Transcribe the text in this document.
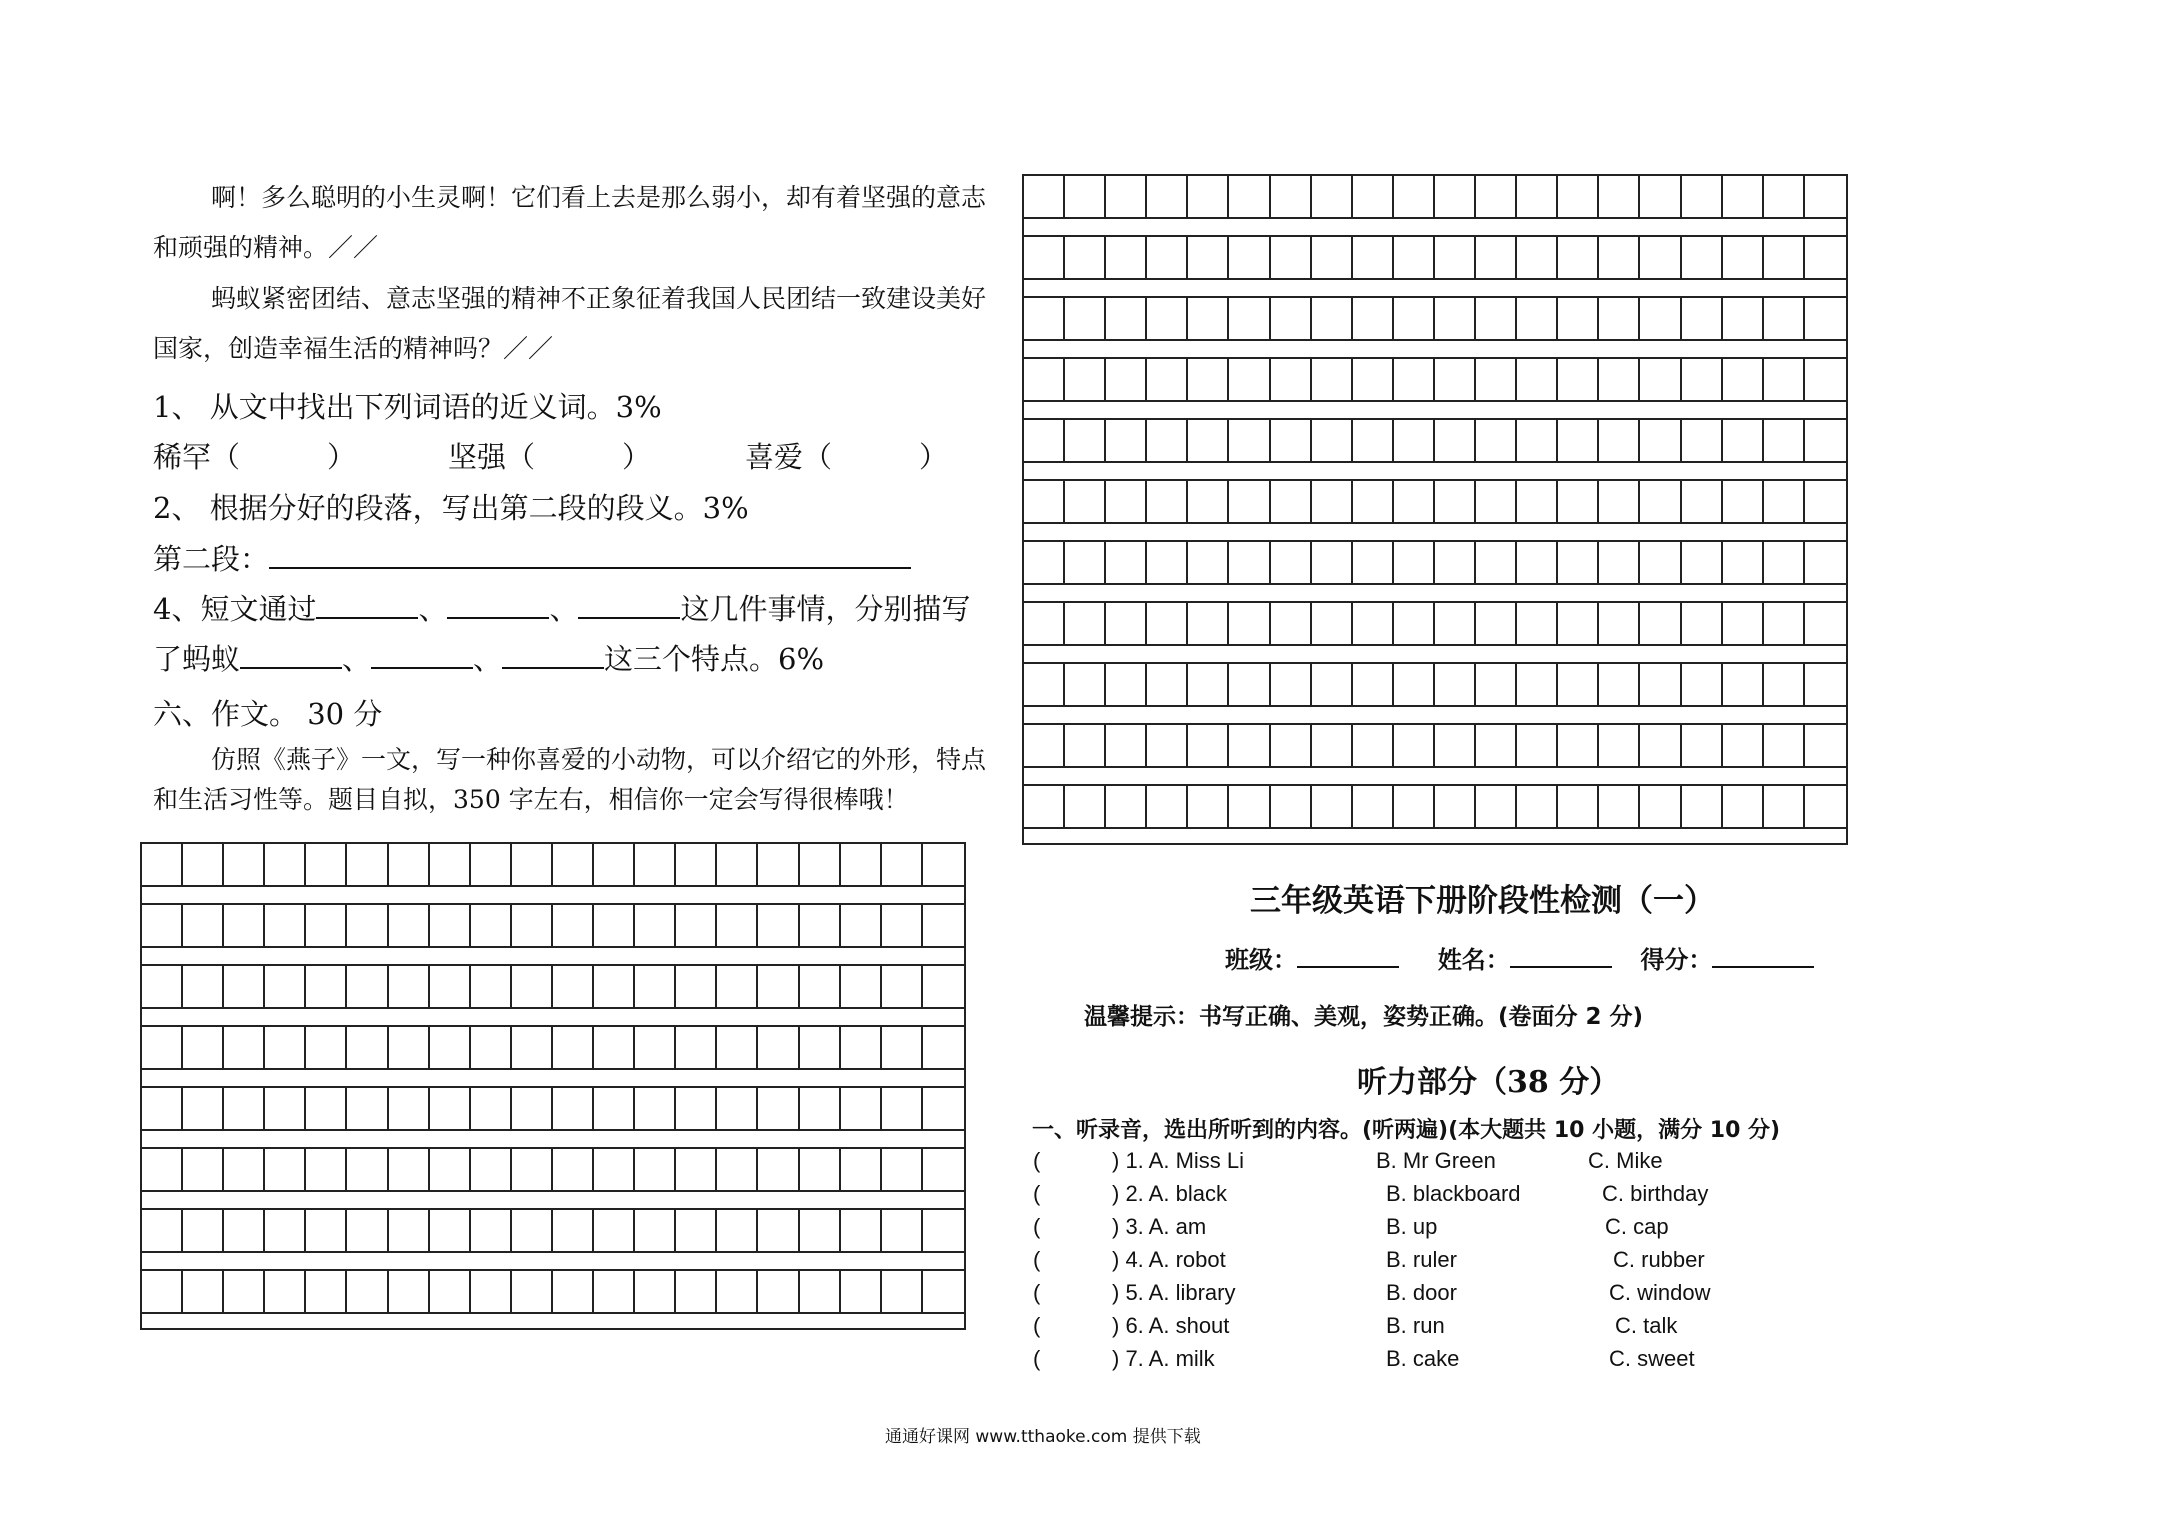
啊！多么聪明的小生灵啊！它们看上去是那么弱小，却有着坚强的意志
和顽强的精神。／／
蚂蚁紧密团结、意志坚强的精神不正象征着我国人民团结一致建设美好
国家，创造幸福生活的精神吗？／／
1、 从文中找出下列词语的近义词。3%
稀罕（　　　）	坚强（　　　）	喜爱（　　　）
2、 根据分好的段落，写出第二段的段义。3%
第二段：
4、短文通过	、	、	这几件事情，分别描写
了蚂蚁	、	、	这三个特点。6%
六、作文。 30 分
仿照《燕子》一文，写一种你喜爱的小动物，可以介绍它的外形，特点
和生活习性等。题目自拟，350 字左右，相信你一定会写得很棒哦！
三年级英语下册阶段性检测（一）
班级：	姓名：	得分：
温馨提示：书写正确、美观，姿势正确。(卷面分 2 分)
听力部分（38 分）
一、听录音，选出所听到的内容。(听两遍)(本大题共 10 小题，满分 10 分)
(	) 1. A. Miss Li	B. Mr Green	C. Mike
(	) 2. A. black	B. blackboard	C. birthday
(	) 3. A. am	B. up	C. cap
(	) 4. A. robot	B. ruler	C. rubber
(	) 5. A. library	B. door	C. window
(	) 6. A. shout	B. run	C. talk
(	) 7. A. milk	B. cake	C. sweet
通通好课网 www.tthaoke.com 提供下载
